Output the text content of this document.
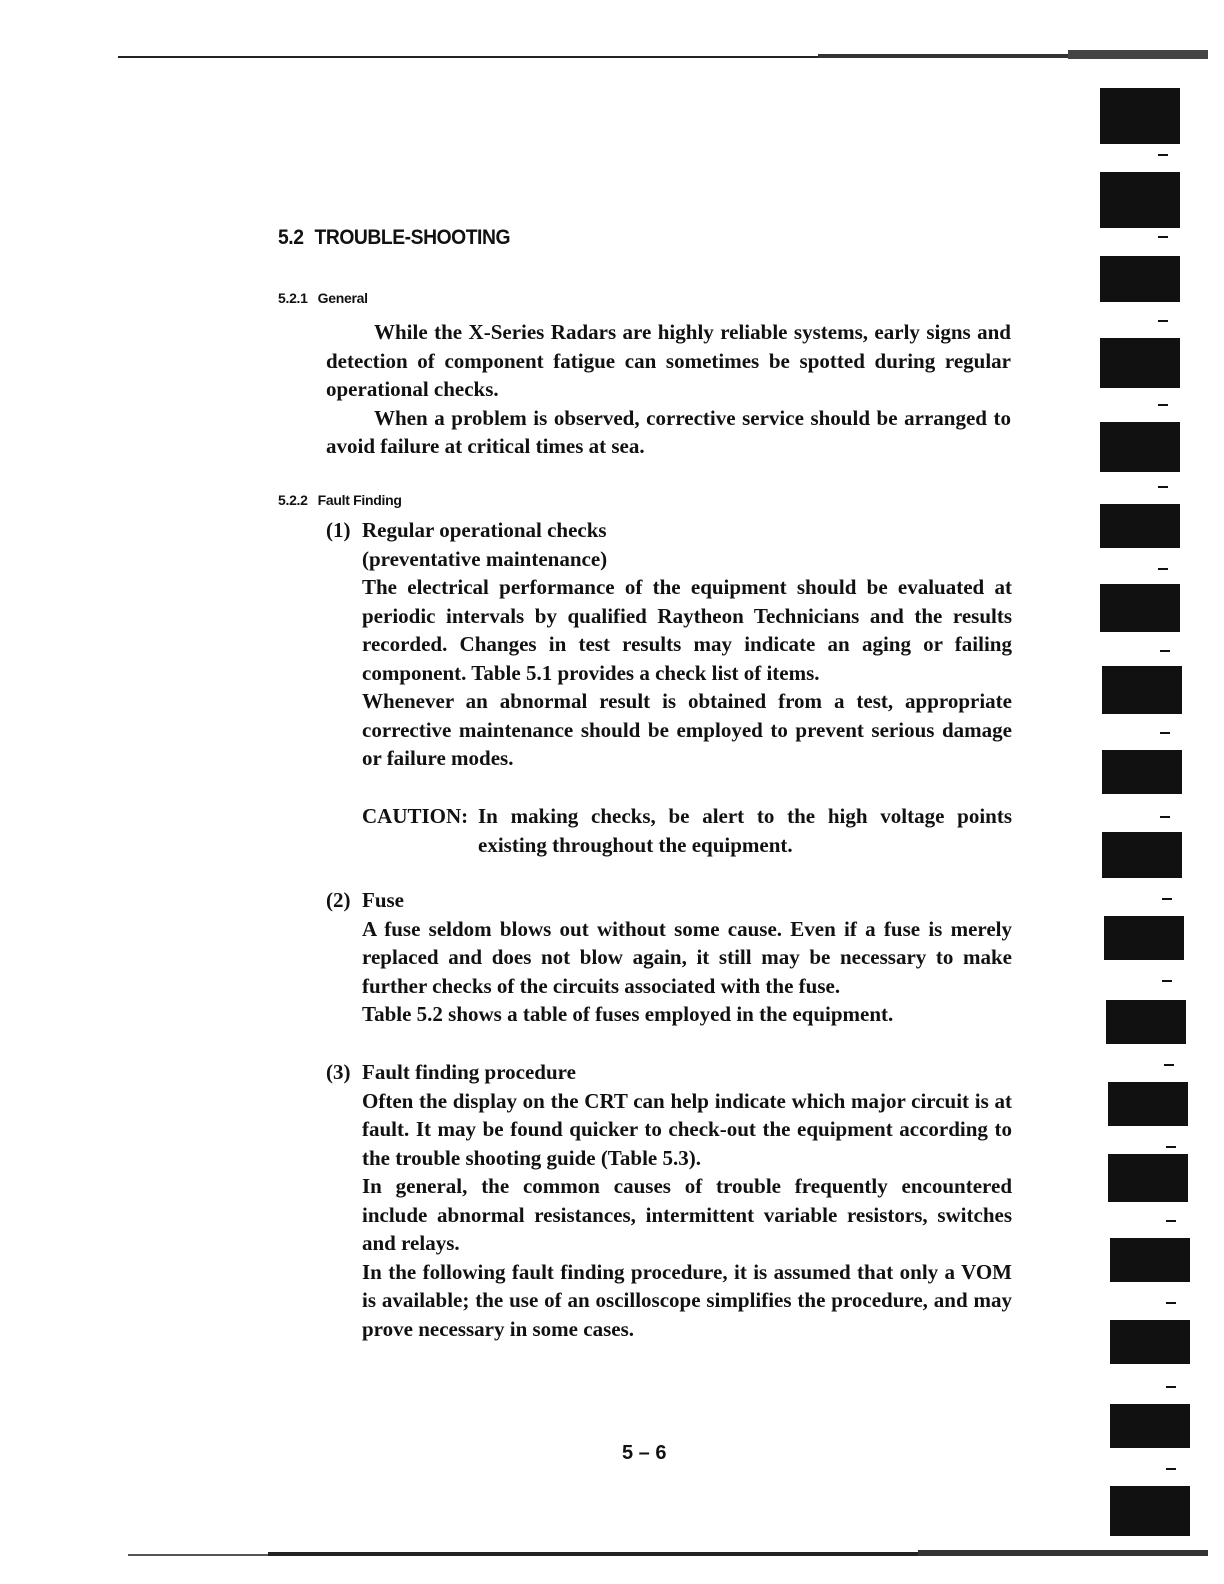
5.2 TROUBLE-SHOOTING
5.2.1 General

While the X-Series Radars are highly reliable systems, early signs and detection of component fatigue can sometimes be spotted during regular operational checks.

When a problem is observed, corrective service should be arranged to avoid failure at critical times at sea.

5.2.2 Fault Finding
(1) Regular operational checks
(preventative maintenance)

The electrical performance of the equipment should be evaluated at periodic intervals by qualified Raytheon Technicians and the results recorded. Changes in test results may indicate an aging or failing component. Table 5.1 provides a check list of items.

Whenever an abnormal result is obtained from a test, appropriate corrective maintenance should be employed to prevent serious damage or failure modes.

CAUTION: In making checks, be alert to the high voltage points existing throughout the equipment.
(2) Fuse

A fuse seldom blows out without some cause. Even if a fuse is merely replaced and does not blow again, it still may be necessary to make further checks of the circuits associated with the fuse.

Table 5.2 shows a table of fuses employed in the equipment.

(3) Fault finding procedure

Often the display on the CRT can help indicate which major circuit is at fault. It may be found quicker to check-out the equipment according to the trouble shooting guide (Table 5.3).

In general, the common causes of trouble frequently encountered include abnormal resistances, intermittent variable resistors, switches and relays.

In the following fault finding procedure, it is assumed that only a VOM is available; the use of an oscilloscope simplifies the procedure, and may prove necessary in some cases.

5 – 6
